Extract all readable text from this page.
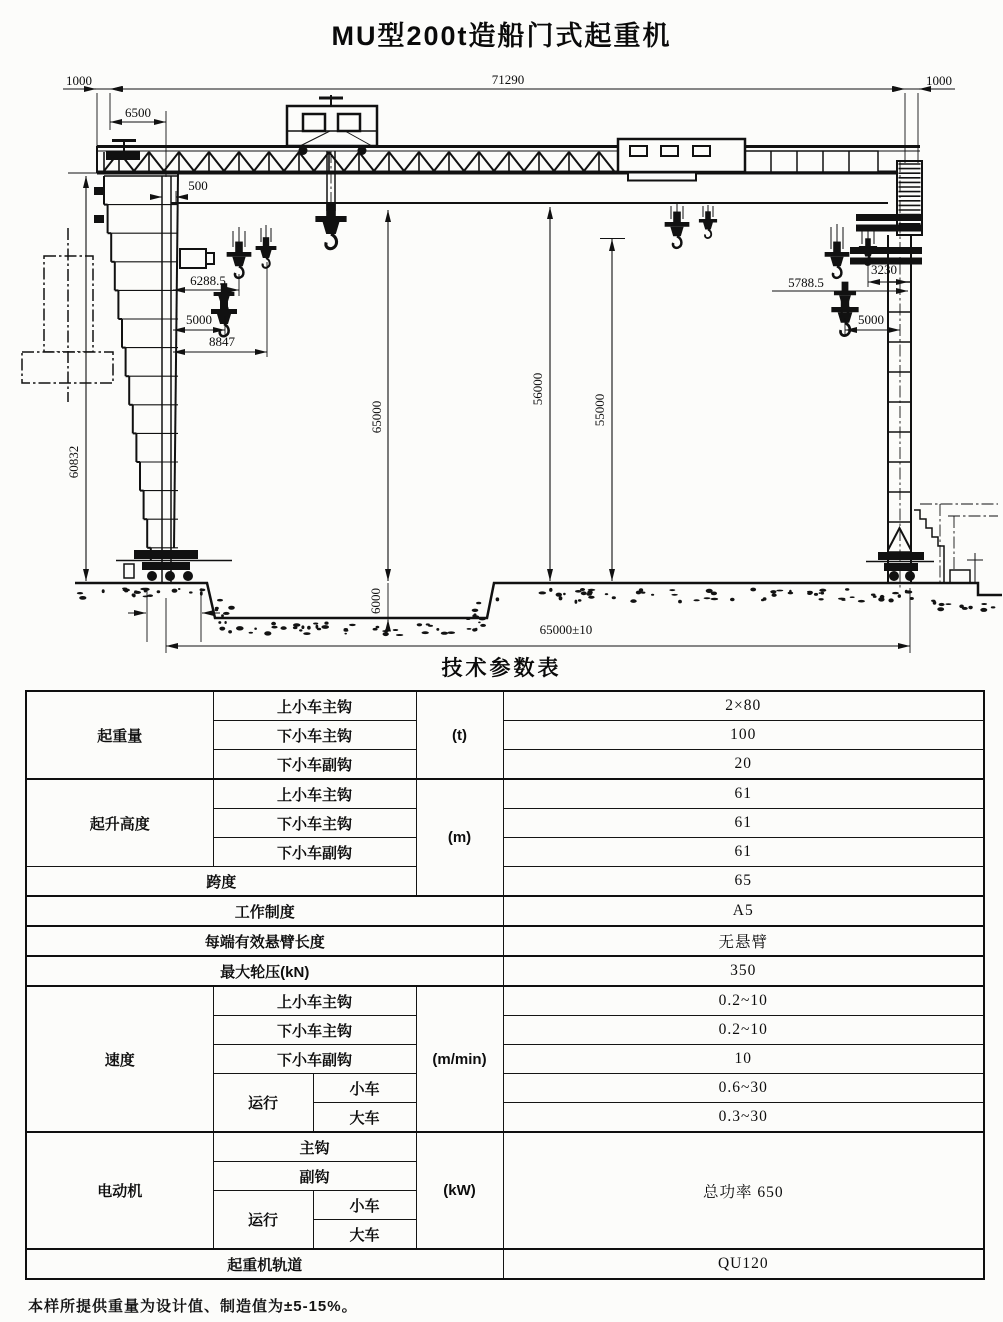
MU型200t造船门式起重机
1000	71290	1000
6500
500
6288.5
5000
8847
60832
65000
6000
56000
55000
5788.5
3230
5000
65000±10
技术参数表
起重量	上小车主钩		(t)	2×80
	下小车主钩			100
	下小车副钩			20
起升高度	上小车主钩		(m)	61
	下小车主钩			61
	下小车副钩			61
跨度				65
工作制度				A5
每端有效悬臂长度				无悬臂
最大轮压(kN)				350
速度	上小车主钩		(m/min)	0.2~10
	下小车主钩			0.2~10
	下小车副钩			10
	运行	小车		0.6~30
		大车		0.3~30
电动机	主钩		(kW)	总功率 650
	副钩			
	运行	小车		
		大车		
起重机轨道				QU120
本样所提供重量为设计值、制造值为±5-15%。
